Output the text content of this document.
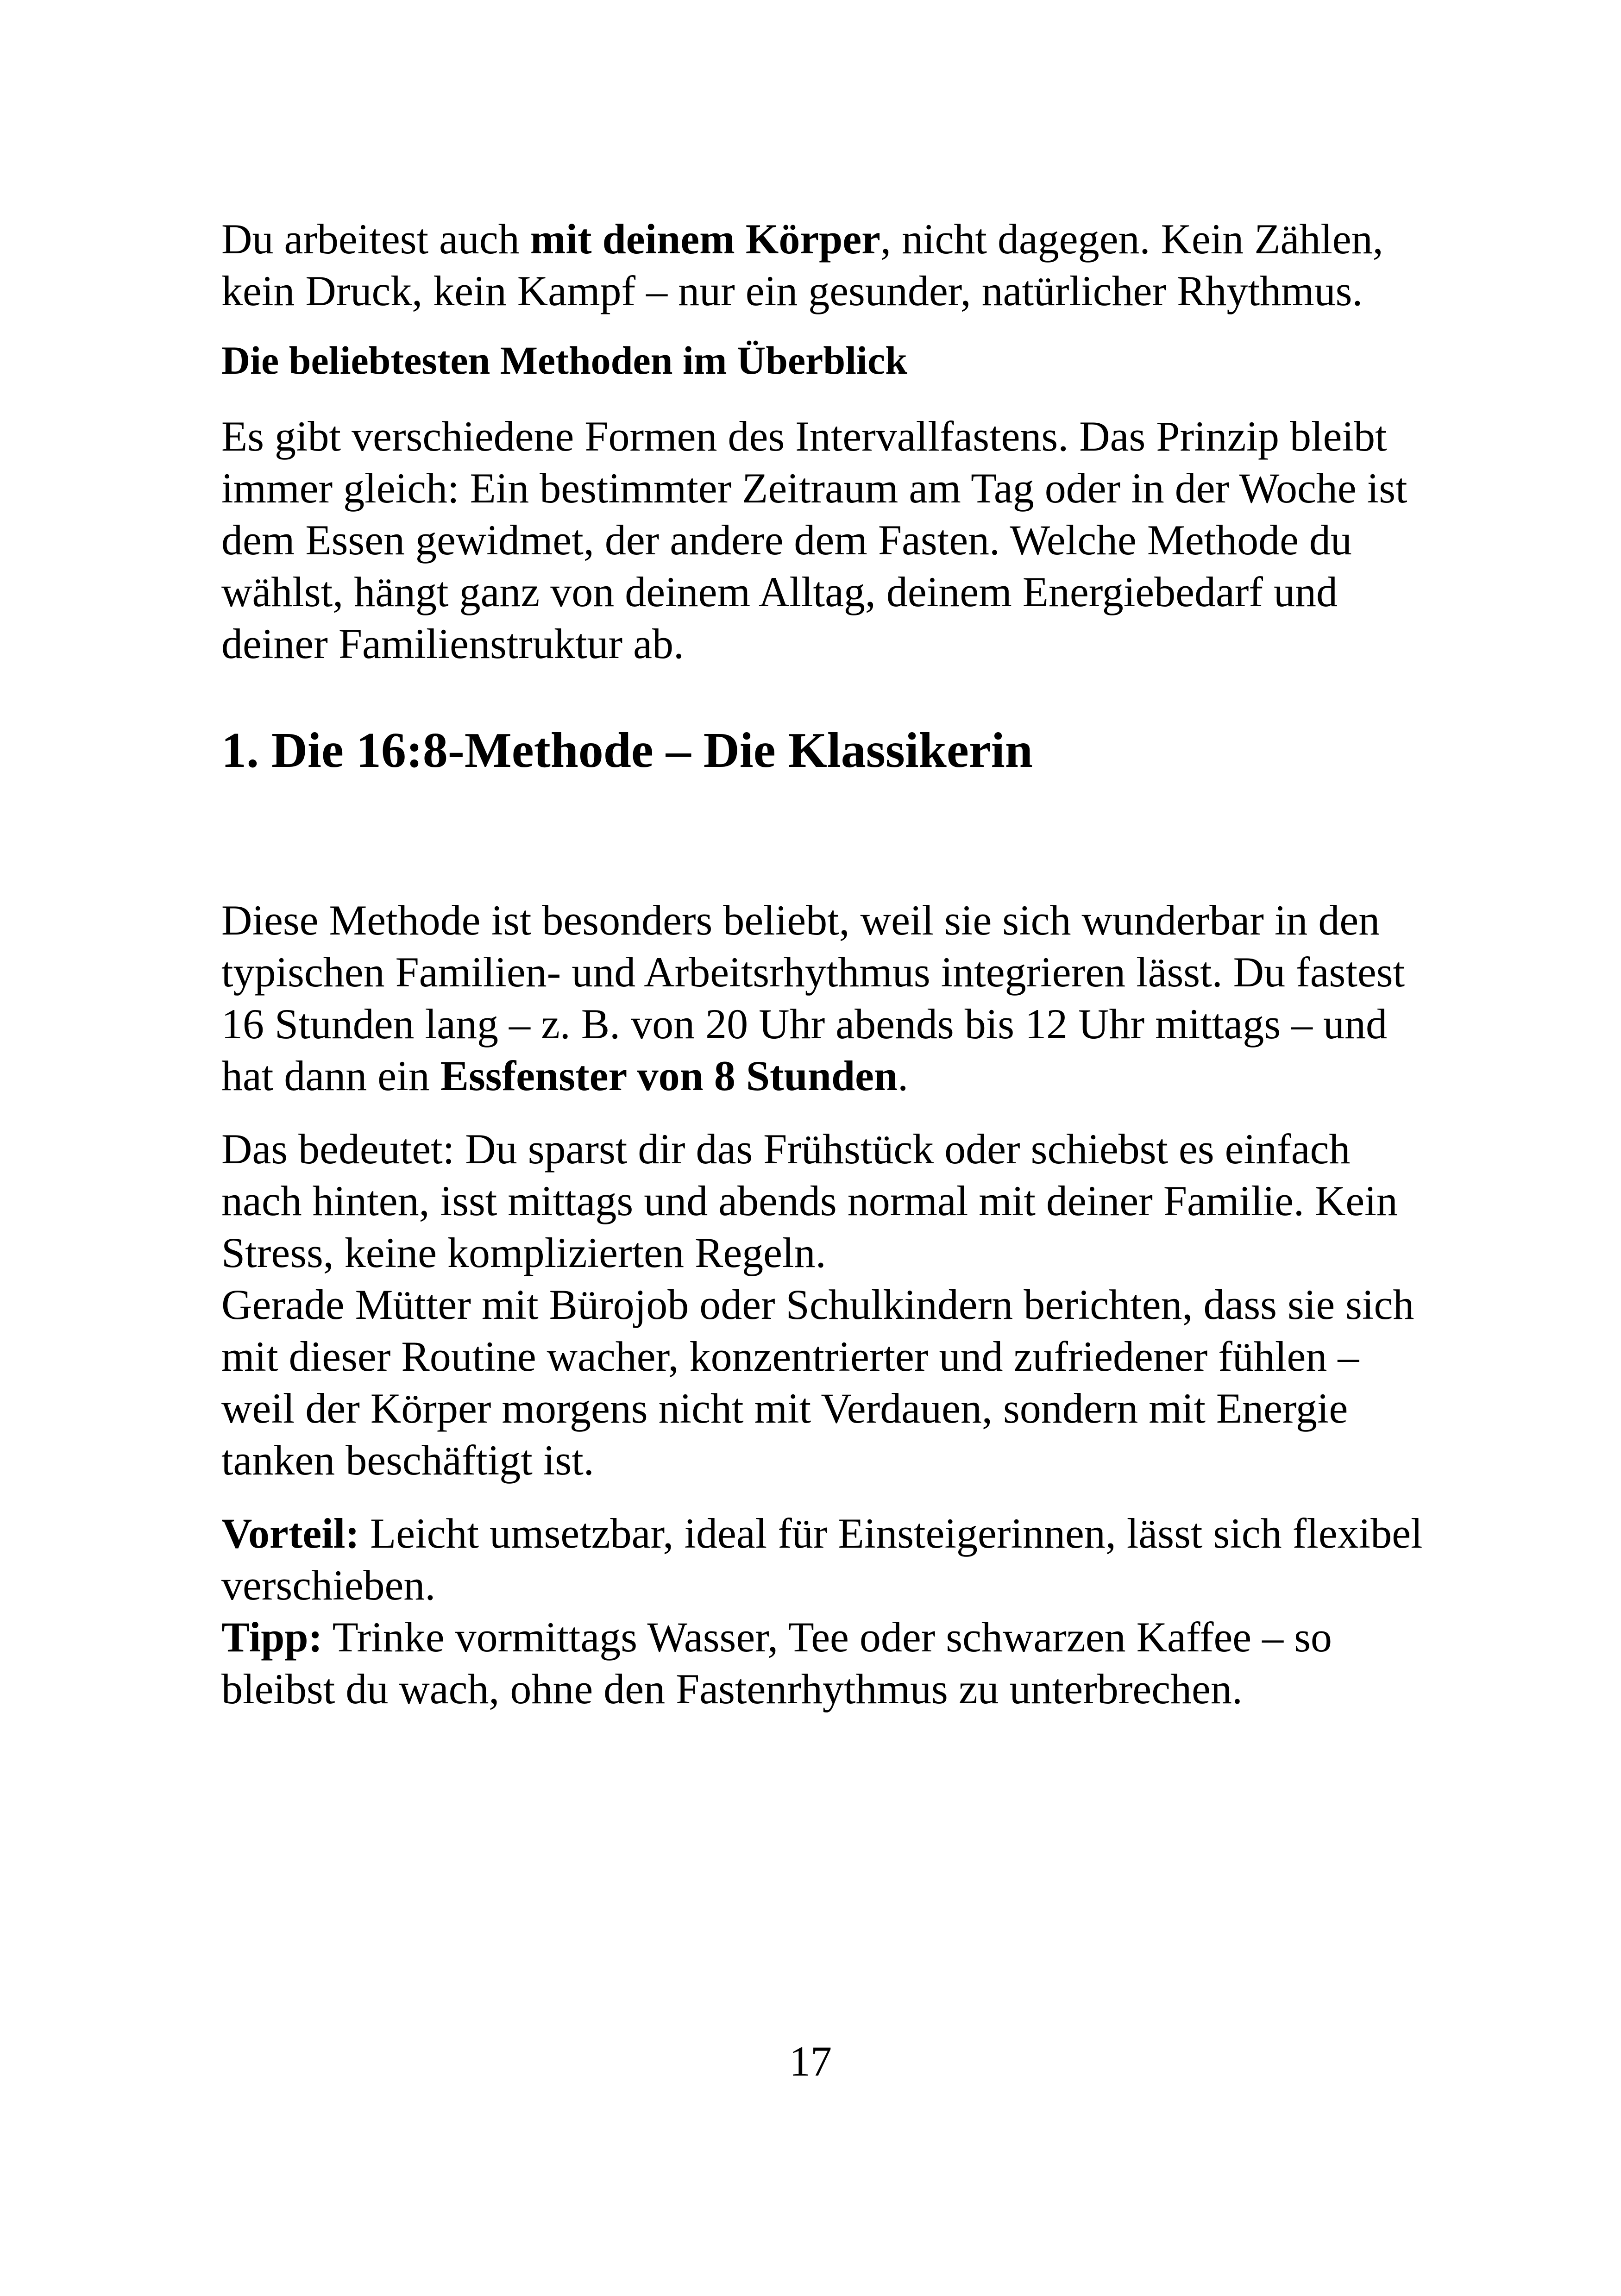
Du arbeitest auch mit deinem Körper, nicht dagegen. Kein Zählen, kein Druck, kein Kampf – nur ein gesunder, natürlicher Rhythmus.

Die beliebtesten Methoden im Überblick

Es gibt verschiedene Formen des Intervallfastens. Das Prinzip bleibt immer gleich: Ein bestimmter Zeitraum am Tag oder in der Woche ist dem Essen gewidmet, der andere dem Fasten. Welche Methode du wählst, hängt ganz von deinem Alltag, deinem Energiebedarf und deiner Familienstruktur ab.

1. Die 16:8-Methode – Die Klassikerin

Diese Methode ist besonders beliebt, weil sie sich wunderbar in den typischen Familien- und Arbeitsrhythmus integrieren lässt. Du fastest 16 Stunden lang – z. B. von 20 Uhr abends bis 12 Uhr mittags – und hat dann ein Essfenster von 8 Stunden.

Das bedeutet: Du sparst dir das Frühstück oder schiebst es einfach nach hinten, isst mittags und abends normal mit deiner Familie. Kein Stress, keine komplizierten Regeln.

Gerade Mütter mit Bürojob oder Schulkindern berichten, dass sie sich mit dieser Routine wacher, konzentrierter und zufriedener fühlen – weil der Körper morgens nicht mit Verdauen, sondern mit Energie tanken beschäftigt ist.

Vorteil: Leicht umsetzbar, ideal für Einsteigerinnen, lässt sich flexibel verschieben.

Tipp: Trinke vormittags Wasser, Tee oder schwarzen Kaffee – so bleibst du wach, ohne den Fastenrhythmus zu unterbrechen.

17
